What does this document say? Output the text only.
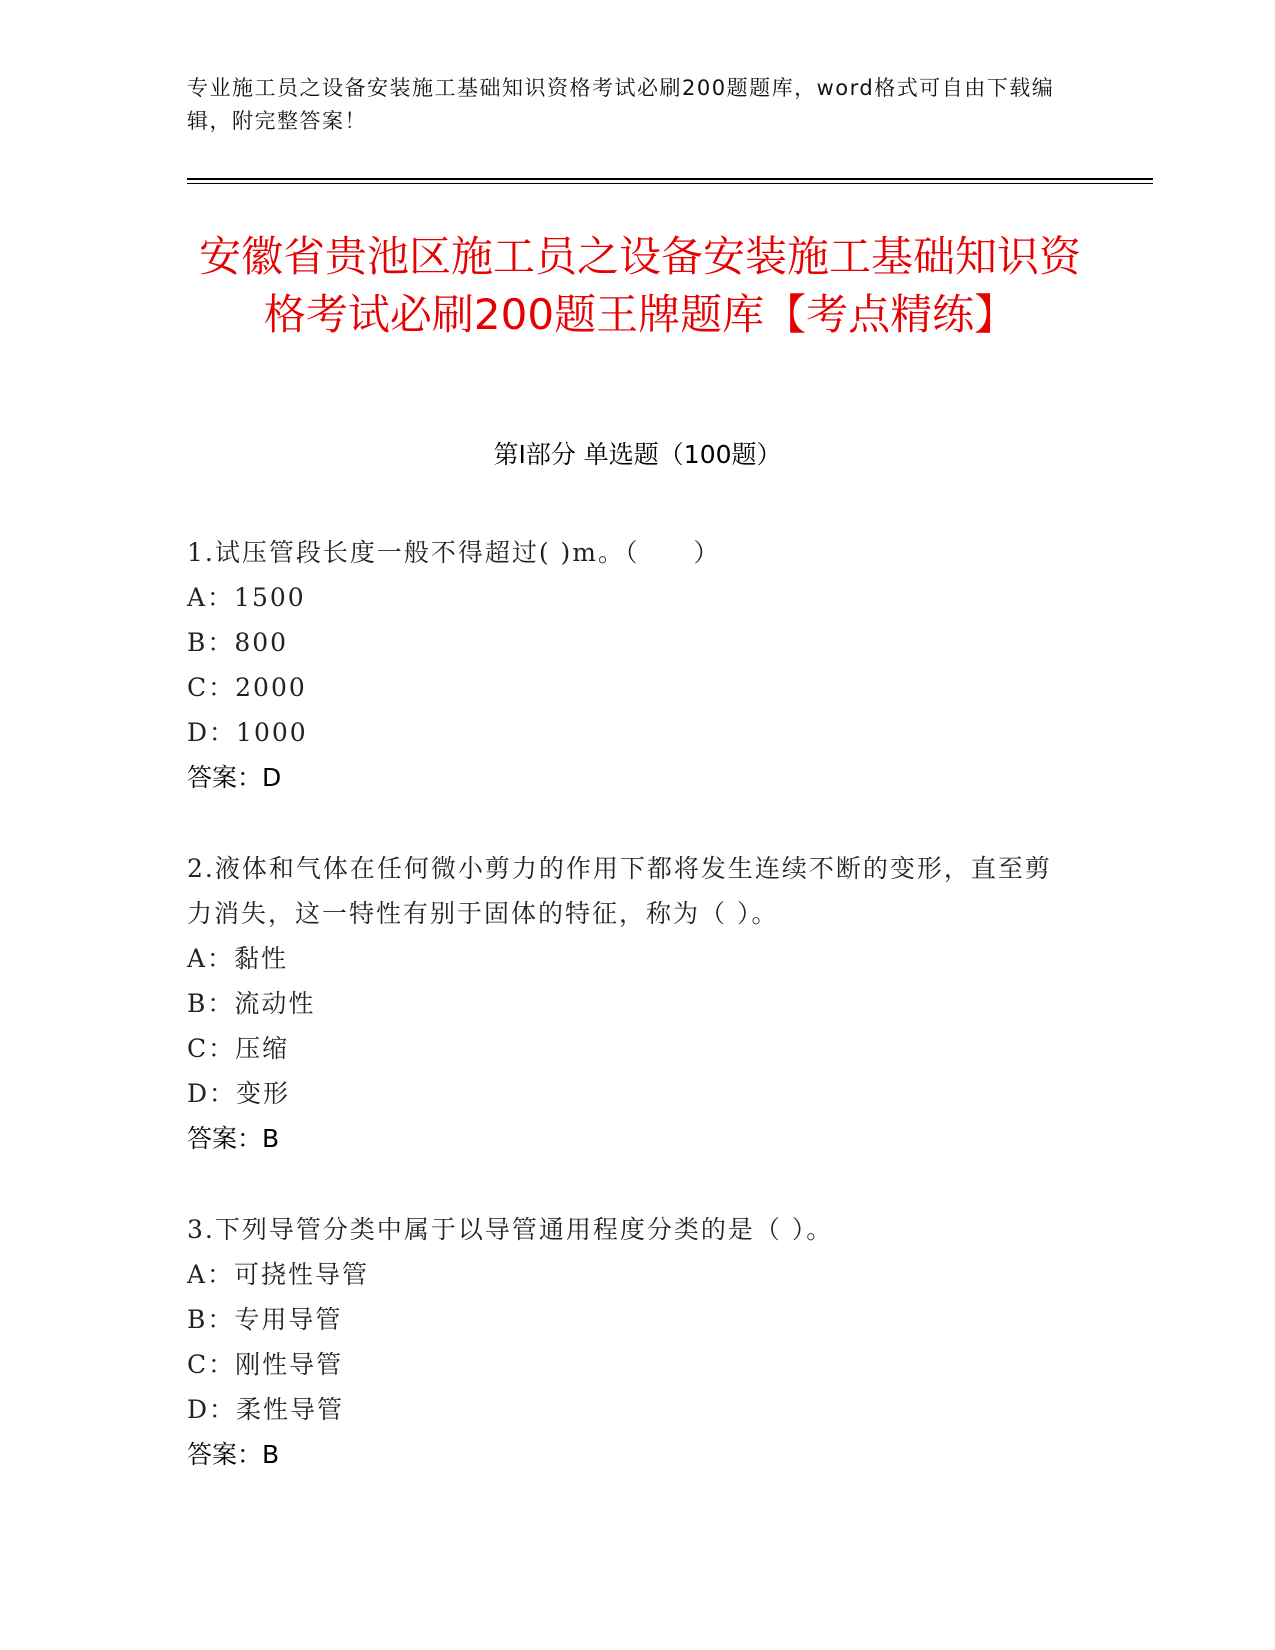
专业施工员之设备安装施工基础知识资格考试必刷200题题库，word格式可自由下载编辑，附完整答案！
安徽省贵池区施工员之设备安装施工基础知识资格考试必刷200题王牌题库【考点精练】
第I部分 单选题（100题）
1.试压管段长度一般不得超过( )m。（　　）
A：1500
B：800
C：2000
D：1000
答案：D
2.液体和气体在任何微小剪力的作用下都将发生连续不断的变形，直至剪力消失，这一特性有别于固体的特征，称为（ ）。
A：黏性
B：流动性
C：压缩
D：变形
答案：B
3.下列导管分类中属于以导管通用程度分类的是（ ）。
A：可挠性导管
B：专用导管
C：刚性导管
D：柔性导管
答案：B
